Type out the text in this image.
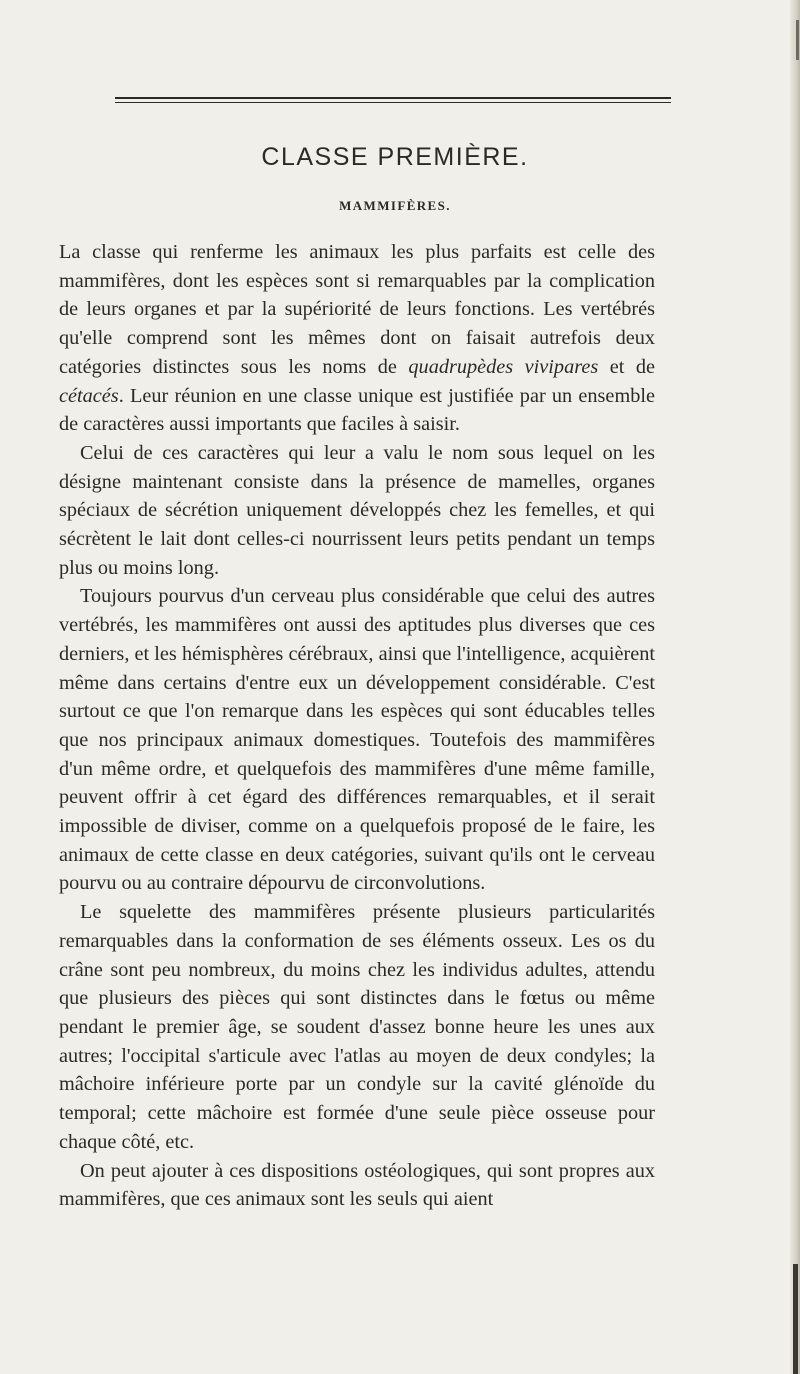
CLASSE PREMIÈRE.
MAMMIFÈRES.

La classe qui renferme les animaux les plus parfaits est celle des mammifères, dont les espèces sont si remarquables par la complication de leurs organes et par la supériorité de leurs fonctions. Les vertébrés qu'elle comprend sont les mêmes dont on faisait autrefois deux catégories distinctes sous les noms de quadrupèdes vivipares et de cétacés. Leur réunion en une classe unique est justifiée par un ensemble de caractères aussi importants que faciles à saisir.

Celui de ces caractères qui leur a valu le nom sous lequel on les désigne maintenant consiste dans la présence de mamelles, organes spéciaux de sécrétion uniquement développés chez les femelles, et qui sécrètent le lait dont celles-ci nourrissent leurs petits pendant un temps plus ou moins long.

Toujours pourvus d'un cerveau plus considérable que celui des autres vertébrés, les mammifères ont aussi des aptitudes plus diverses que ces derniers, et les hémisphères cérébraux, ainsi que l'intelligence, acquièrent même dans certains d'entre eux un développement considérable. C'est surtout ce que l'on remarque dans les espèces qui sont éducables telles que nos principaux animaux domestiques. Toutefois des mammifères d'un même ordre, et quelquefois des mammifères d'une même famille, peuvent offrir à cet égard des différences remarquables, et il serait impossible de diviser, comme on a quelquefois proposé de le faire, les animaux de cette classe en deux catégories, suivant qu'ils ont le cerveau pourvu ou au contraire dépourvu de circonvolutions.

Le squelette des mammifères présente plusieurs particularités remarquables dans la conformation de ses éléments osseux. Les os du crâne sont peu nombreux, du moins chez les individus adultes, attendu que plusieurs des pièces qui sont distinctes dans le fœtus ou même pendant le premier âge, se soudent d'assez bonne heure les unes aux autres; l'occipital s'articule avec l'atlas au moyen de deux condyles; la mâchoire inférieure porte par un condyle sur la cavité glénoïde du temporal; cette mâchoire est formée d'une seule pièce osseuse pour chaque côté, etc.

On peut ajouter à ces dispositions ostéologiques, qui sont propres aux mammifères, que ces animaux sont les seuls qui aient
